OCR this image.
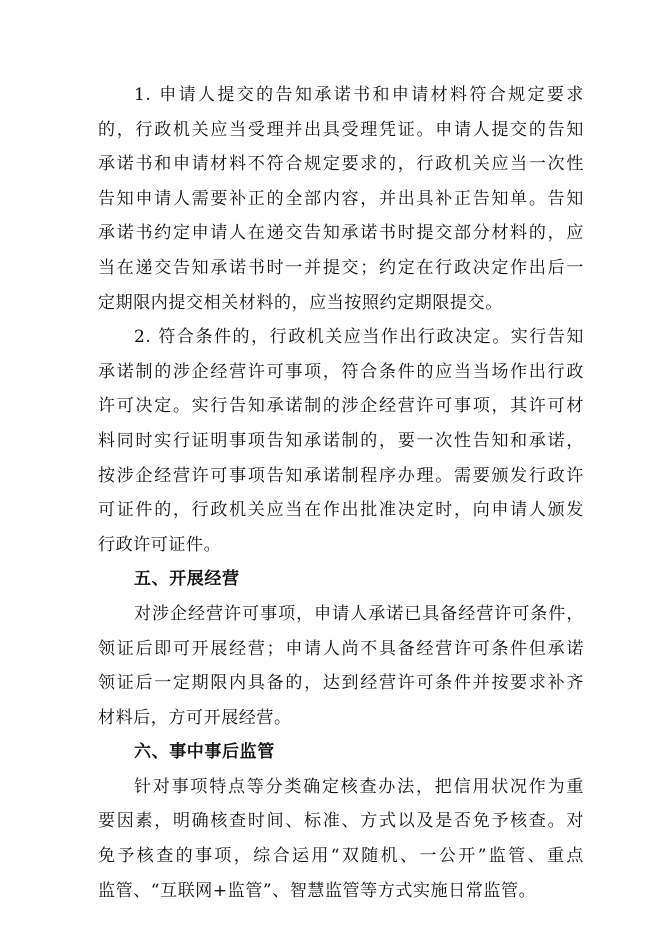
1. 申请人提交的告知承诺书和申请材料符合规定要求
的，行政机关应当受理并出具受理凭证。申请人提交的告知
承诺书和申请材料不符合规定要求的，行政机关应当一次性
告知申请人需要补正的全部内容，并出具补正告知单。告知
承诺书约定申请人在递交告知承诺书时提交部分材料的，应
当在递交告知承诺书时一并提交；约定在行政决定作出后一
定期限内提交相关材料的，应当按照约定期限提交。
2. 符合条件的，行政机关应当作出行政决定。实行告知
承诺制的涉企经营许可事项，符合条件的应当当场作出行政
许可决定。实行告知承诺制的涉企经营许可事项，其许可材
料同时实行证明事项告知承诺制的，要一次性告知和承诺，
按涉企经营许可事项告知承诺制程序办理。需要颁发行政许
可证件的，行政机关应当在作出批准决定时，向申请人颁发
行政许可证件。
五、开展经营
对涉企经营许可事项，申请人承诺已具备经营许可条件，
领证后即可开展经营；申请人尚不具备经营许可条件但承诺
领证后一定期限内具备的，达到经营许可条件并按要求补齐
材料后，方可开展经营。
六、事中事后监管
针对事项特点等分类确定核查办法，把信用状况作为重
要因素，明确核查时间、标准、方式以及是否免予核查。对
免予核查的事项，综合运用“双随机、一公开”监管、重点
监管、“互联网+监管”、智慧监管等方式实施日常监管。
